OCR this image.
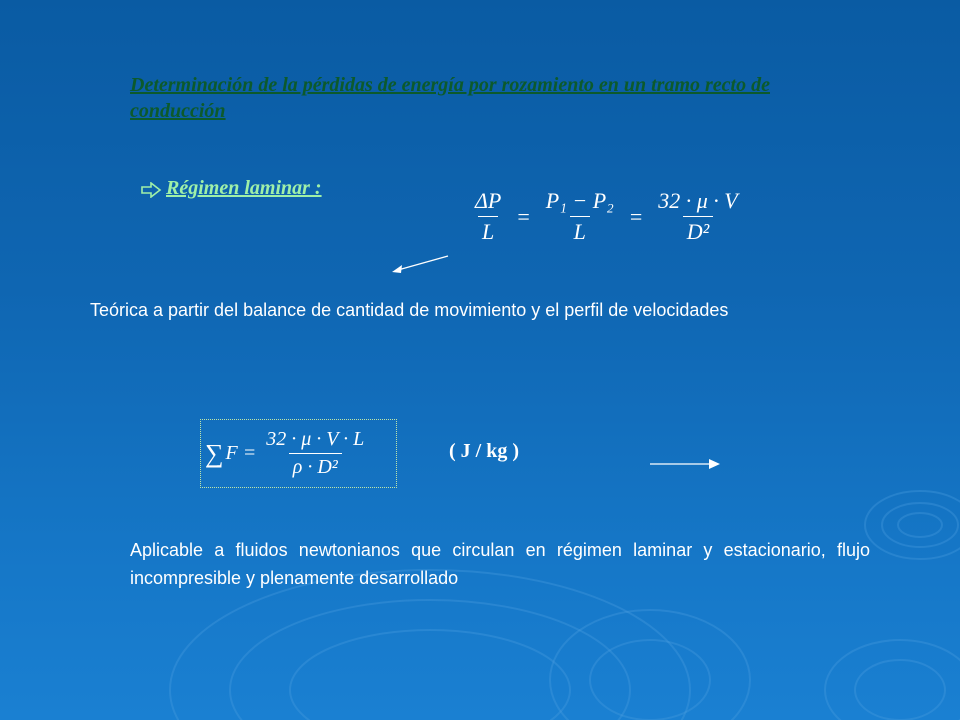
Determinación de la pérdidas de energía por rozamiento en un tramo recto de conducción
Régimen laminar :	$\frac{\Delta P}{L} = \frac{\text{P₁ − P₂}}{L} = \frac{32 \cdot \mu \cdot V}{\text{D²}}$
Teórica a partir del balance de cantidad de movimiento y el perfil de velocidades
∑ $F = \frac{32 \cdot \mu \cdot V \cdot L}{\text{ρ · D²}}$	( J / kg )
Aplicable a fluidos newtonianos que circulan en régimen laminar y estacionario, flujo incompresible y plenamente desarrollado
